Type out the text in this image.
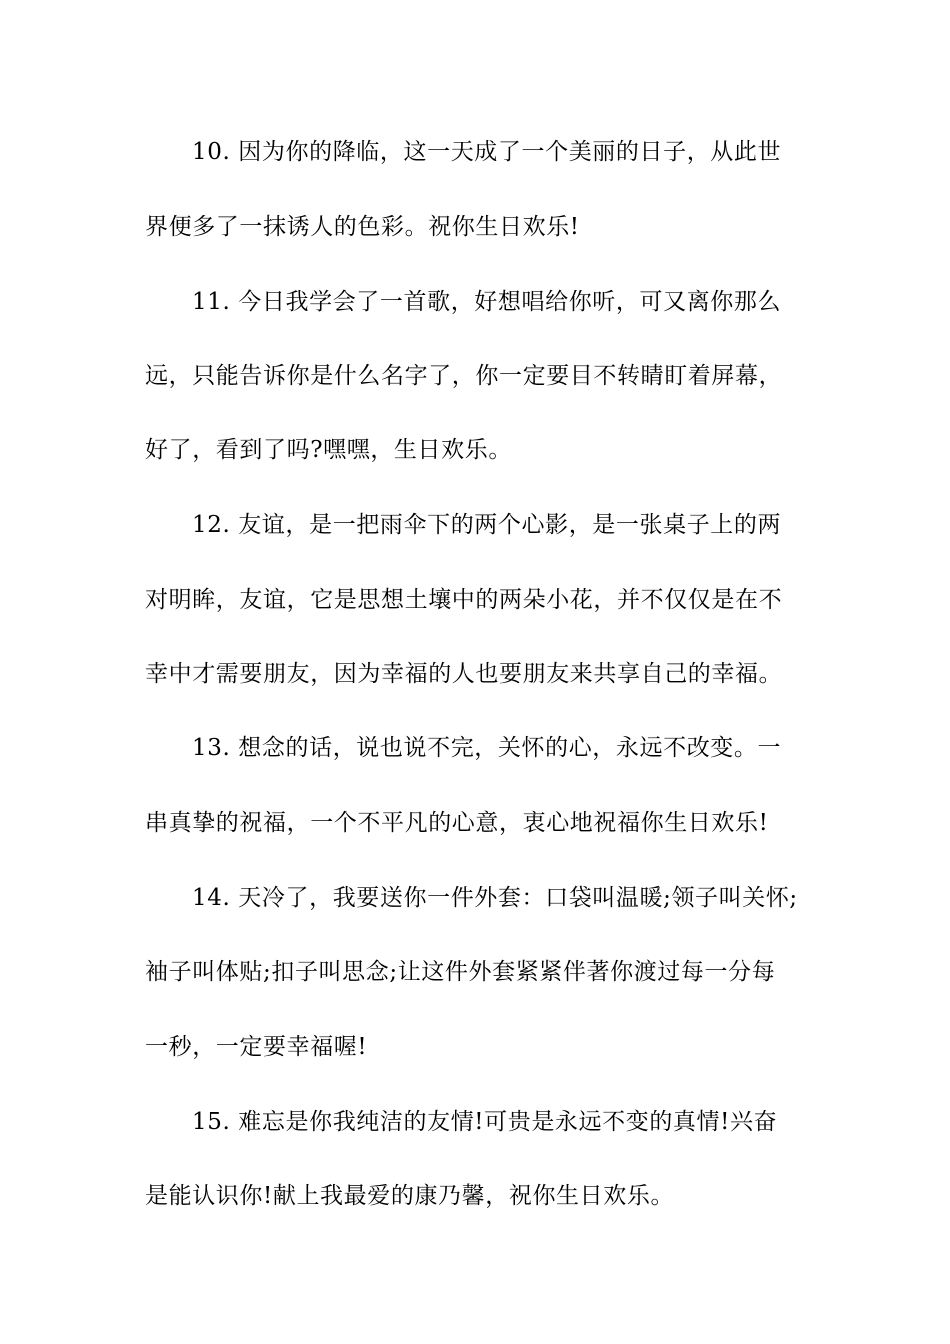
10. 因为你的降临，这一天成了一个美丽的日子，从此世
界便多了一抹诱人的色彩。祝你生日欢乐!
11. 今日我学会了一首歌，好想唱给你听，可又离你那么
远，只能告诉你是什么名字了，你一定要目不转睛盯着屏幕，
好了，看到了吗?嘿嘿，生日欢乐。
12. 友谊，是一把雨伞下的两个心影，是一张桌子上的两
对明眸，友谊，它是思想土壤中的两朵小花，并不仅仅是在不
幸中才需要朋友，因为幸福的人也要朋友来共享自己的幸福。
13. 想念的话，说也说不完，关怀的心，永远不改变。一
串真挚的祝福，一个不平凡的心意，衷心地祝福你生日欢乐!
14. 天冷了，我要送你一件外套：口袋叫温暖;领子叫关怀;
袖子叫体贴;扣子叫思念;让这件外套紧紧伴著你渡过每一分每
一秒，一定要幸福喔!
15. 难忘是你我纯洁的友情!可贵是永远不变的真情!兴奋
是能认识你!献上我最爱的康乃馨，祝你生日欢乐。
